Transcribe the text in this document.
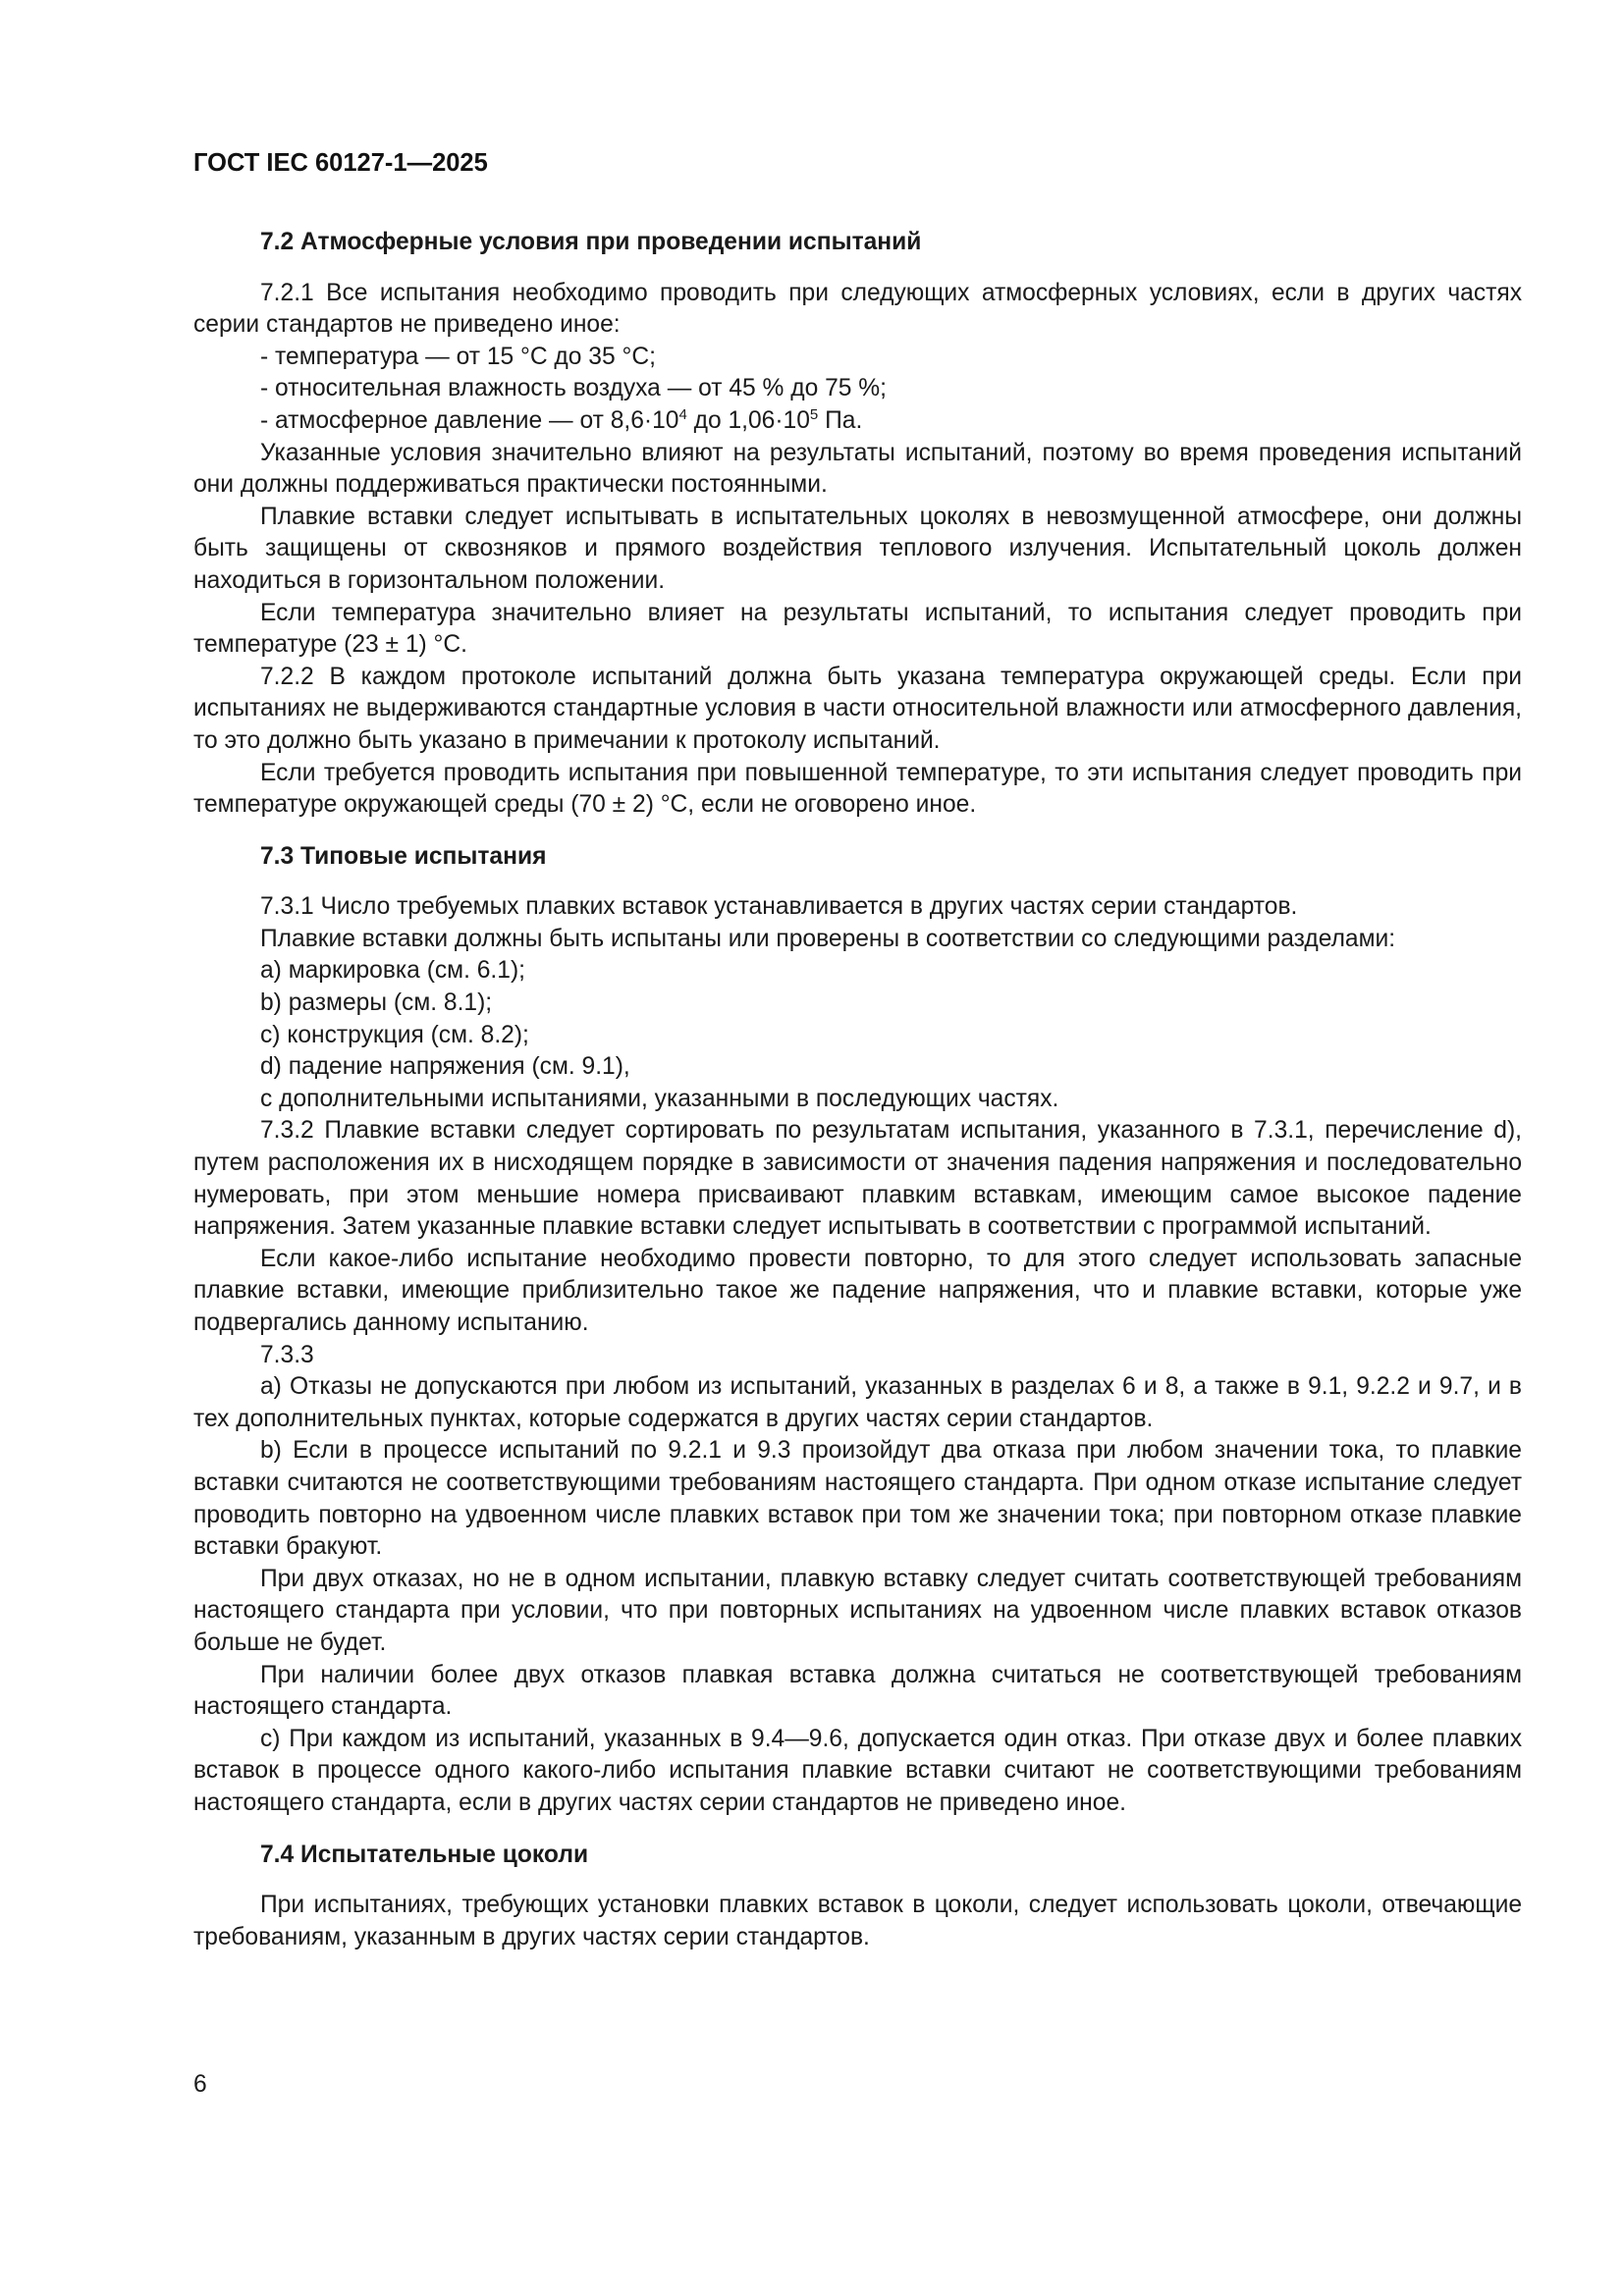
ГОСТ IEC 60127-1—2025
7.2 Атмосферные условия при проведении испытаний

7.2.1 Все испытания необходимо проводить при следующих атмосферных условиях, если в других частях серии стандартов не приведено иное:

- температура — от 15 °C до 35 °C;

- относительная влажность воздуха — от 45 % до 75 %;

- атмосферное давление — от $8,6\cdot 10^4$ до $1,06\cdot 10^5$ Па.

Указанные условия значительно влияют на результаты испытаний, поэтому во время проведения испытаний они должны поддерживаться практически постоянными.

Плавкие вставки следует испытывать в испытательных цоколях в невозмущенной атмосфере, они должны быть защищены от сквозняков и прямого воздействия теплового излучения. Испытательный цоколь должен находиться в горизонтальном положении.

Если температура значительно влияет на результаты испытаний, то испытания следует проводить при температуре (23 ± 1) °C.

7.2.2 В каждом протоколе испытаний должна быть указана температура окружающей среды. Если при испытаниях не выдерживаются стандартные условия в части относительной влажности или атмосферного давления, то это должно быть указано в примечании к протоколу испытаний.

Если требуется проводить испытания при повышенной температуре, то эти испытания следует проводить при температуре окружающей среды (70 ± 2) °C, если не оговорено иное.

7.3 Типовые испытания

7.3.1 Число требуемых плавких вставок устанавливается в других частях серии стандартов.

Плавкие вставки должны быть испытаны или проверены в соответствии со следующими разделами:

a) маркировка (см. 6.1);

b) размеры (см. 8.1);

c) конструкция (см. 8.2);

d) падение напряжения (см. 9.1),

с дополнительными испытаниями, указанными в последующих частях.

7.3.2 Плавкие вставки следует сортировать по результатам испытания, указанного в 7.3.1, перечисление d), путем расположения их в нисходящем порядке в зависимости от значения падения напряжения и последовательно нумеровать, при этом меньшие номера присваивают плавким вставкам, имеющим самое высокое падение напряжения. Затем указанные плавкие вставки следует испытывать в соответствии с программой испытаний.

Если какое-либо испытание необходимо провести повторно, то для этого следует использовать запасные плавкие вставки, имеющие приблизительно такое же падение напряжения, что и плавкие вставки, которые уже подвергались данному испытанию.

7.3.3

a) Отказы не допускаются при любом из испытаний, указанных в разделах 6 и 8, а также в 9.1, 9.2.2 и 9.7, и в тех дополнительных пунктах, которые содержатся в других частях серии стандартов.

b) Если в процессе испытаний по 9.2.1 и 9.3 произойдут два отказа при любом значении тока, то плавкие вставки считаются не соответствующими требованиям настоящего стандарта. При одном отказе испытание следует проводить повторно на удвоенном числе плавких вставок при том же значении тока; при повторном отказе плавкие вставки бракуют.

При двух отказах, но не в одном испытании, плавкую вставку следует считать соответствующей требованиям настоящего стандарта при условии, что при повторных испытаниях на удвоенном числе плавких вставок отказов больше не будет.

При наличии более двух отказов плавкая вставка должна считаться не соответствующей требованиям настоящего стандарта.

c) При каждом из испытаний, указанных в 9.4—9.6, допускается один отказ. При отказе двух и более плавких вставок в процессе одного какого-либо испытания плавкие вставки считают не соответствующими требованиям настоящего стандарта, если в других частях серии стандартов не приведено иное.

7.4 Испытательные цоколи

При испытаниях, требующих установки плавких вставок в цоколи, следует использовать цоколи, отвечающие требованиям, указанным в других частях серии стандартов.

6
